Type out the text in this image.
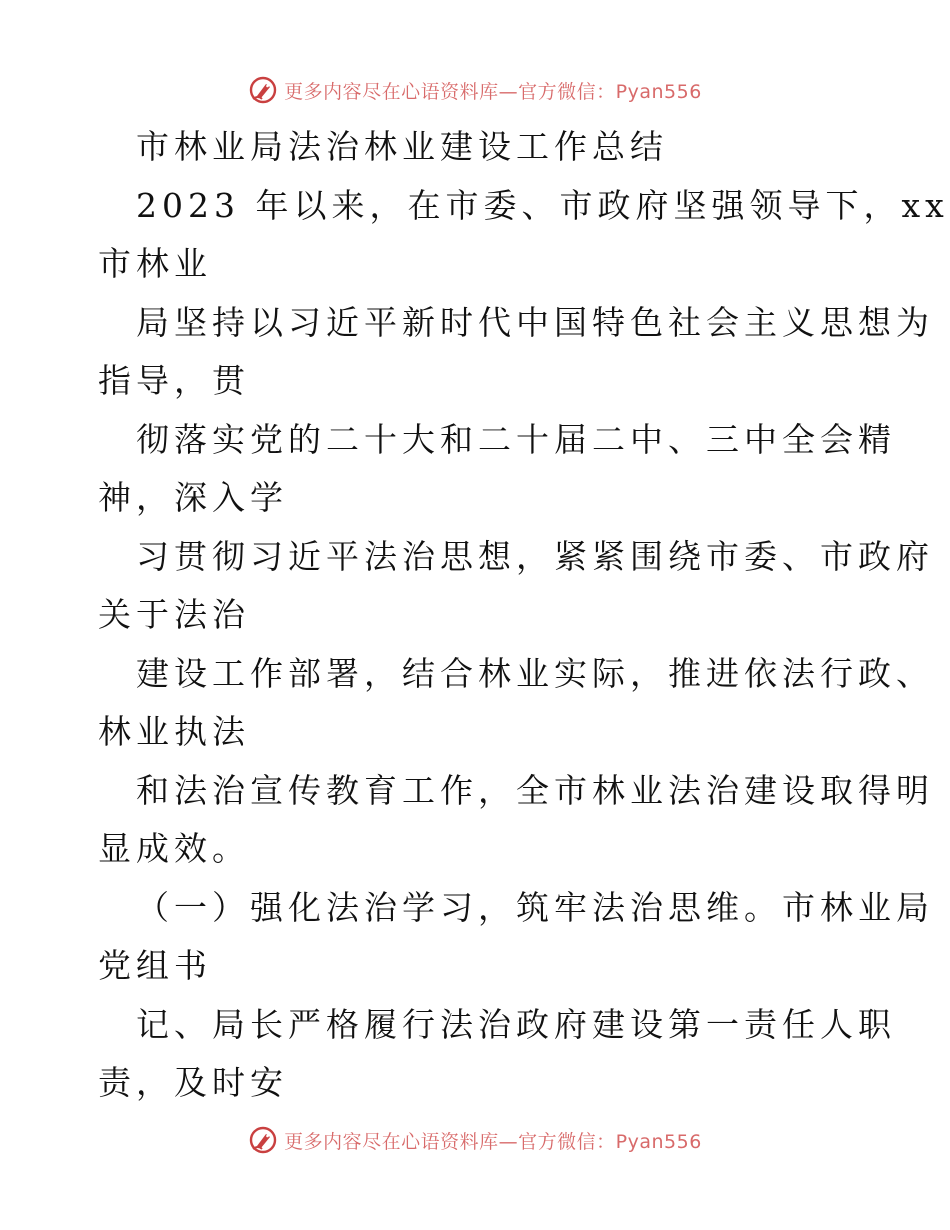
更多内容尽在心语资料库—官方微信：Pyan556
市林业局法治林业建设工作总结
2023 年以来，在市委、市政府坚强领导下，xx
市林业
局坚持以习近平新时代中国特色社会主义思想为
指导，贯
彻落实党的二十大和二十届二中、三中全会精
神，深入学
习贯彻习近平法治思想，紧紧围绕市委、市政府
关于法治
建设工作部署，结合林业实际，推进依法行政、
林业执法
和法治宣传教育工作，全市林业法治建设取得明
显成效。
（一）强化法治学习，筑牢法治思维。市林业局
党组书
记、局长严格履行法治政府建设第一责任人职
责，及时安
更多内容尽在心语资料库—官方微信：Pyan556
